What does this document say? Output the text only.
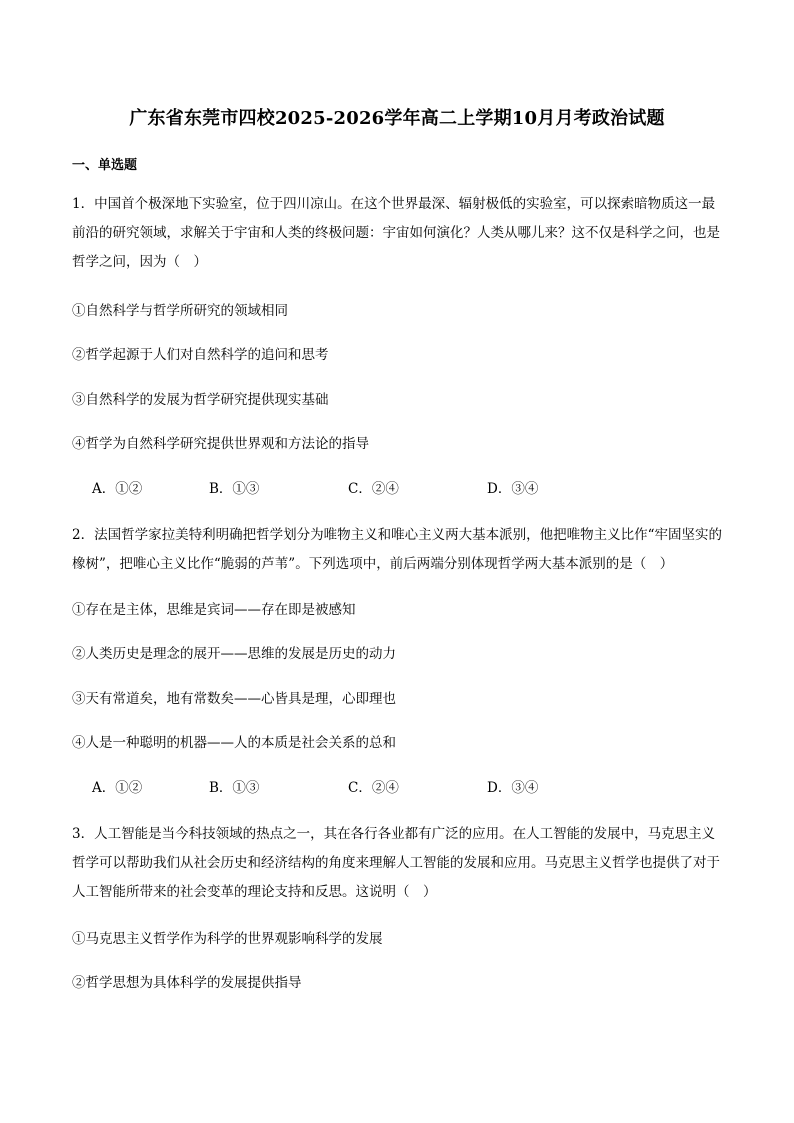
广东省东莞市四校2025-2026学年高二上学期10月月考政治试题
一、单选题
1．中国首个极深地下实验室，位于四川凉山。在这个世界最深、辐射极低的实验室，可以探索暗物质这一最前沿的研究领域，求解关于宇宙和人类的终极问题：宇宙如何演化？人类从哪儿来？这不仅是科学之问，也是哲学之问，因为（　）
①自然科学与哲学所研究的领域相同
②哲学起源于人们对自然科学的追问和思考
③自然科学的发展为哲学研究提供现实基础
④哲学为自然科学研究提供世界观和方法论的指导
A．①②	B．①③	C．②④	D．③④
2．法国哲学家拉美特利明确把哲学划分为唯物主义和唯心主义两大基本派别，他把唯物主义比作“牢固坚实的橡树”，把唯心主义比作“脆弱的芦苇”。下列选项中，前后两端分别体现哲学两大基本派别的是（　）
①存在是主体，思维是宾词——存在即是被感知
②人类历史是理念的展开——思维的发展是历史的动力
③天有常道矣，地有常数矣——心皆具是理，心即理也
④人是一种聪明的机器——人的本质是社会关系的总和
A．①②	B．①③	C．②④	D．③④
3．人工智能是当今科技领域的热点之一，其在各行各业都有广泛的应用。在人工智能的发展中，马克思主义哲学可以帮助我们从社会历史和经济结构的角度来理解人工智能的发展和应用。马克思主义哲学也提供了对于人工智能所带来的社会变革的理论支持和反思。这说明（　）
①马克思主义哲学作为科学的世界观影响科学的发展
②哲学思想为具体科学的发展提供指导
